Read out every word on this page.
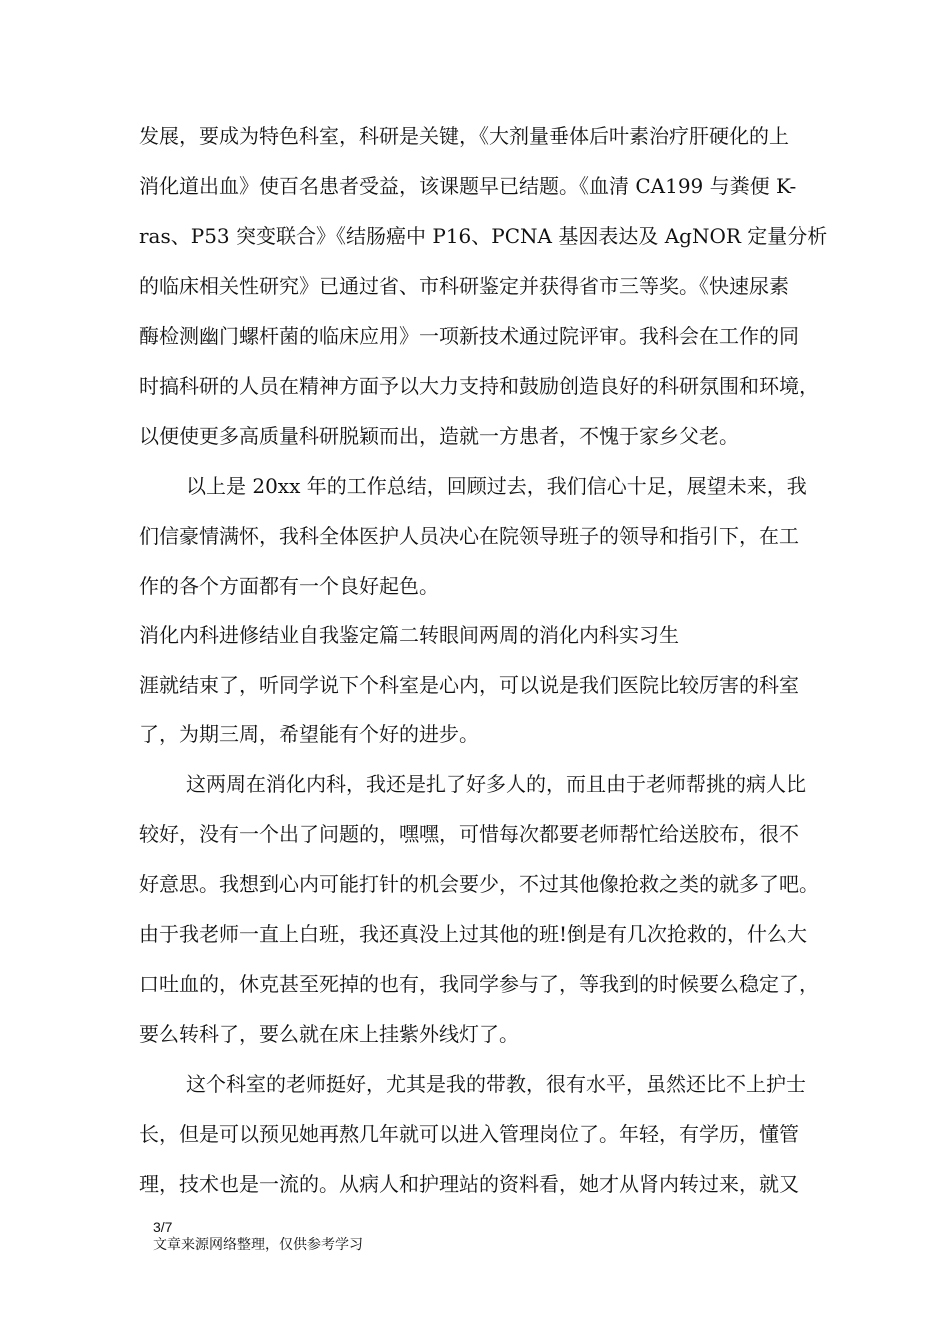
发展，要成为特色科室，科研是关键，《大剂量垂体后叶素治疗肝硬化的上
消化道出血》使百名患者受益，该课题早已结题。《血清 CA199 与粪便 K-
ras、P53 突变联合》《结肠癌中 P16、PCNA 基因表达及 AgNOR 定量分析
的临床相关性研究》已通过省、市科研鉴定并获得省市三等奖。《快速尿素
酶检测幽门螺杆菌的临床应用》一项新技术通过院评审。我科会在工作的同
时搞科研的人员在精神方面予以大力支持和鼓励创造良好的科研氛围和环境，
以便使更多高质量科研脱颖而出，造就一方患者，不愧于家乡父老。
以上是 20xx 年的工作总结，回顾过去，我们信心十足，展望未来，我
们信豪情满怀，我科全体医护人员决心在院领导班子的领导和指引下，在工
作的各个方面都有一个良好起色。
消化内科进修结业自我鉴定篇二转眼间两周的消化内科实习生
涯就结束了，听同学说下个科室是心内，可以说是我们医院比较厉害的科室
了，为期三周，希望能有个好的进步。
这两周在消化内科，我还是扎了好多人的，而且由于老师帮挑的病人比
较好，没有一个出了问题的，嘿嘿，可惜每次都要老师帮忙给送胶布，很不
好意思。我想到心内可能打针的机会要少，不过其他像抢救之类的就多了吧。
由于我老师一直上白班，我还真没上过其他的班!倒是有几次抢救的，什么大
口吐血的，休克甚至死掉的也有，我同学参与了，等我到的时候要么稳定了，
要么转科了，要么就在床上挂紫外线灯了。
这个科室的老师挺好，尤其是我的带教，很有水平，虽然还比不上护士
长，但是可以预见她再熬几年就可以进入管理岗位了。年轻，有学历，懂管
理，技术也是一流的。从病人和护理站的资料看，她才从肾内转过来，就又
3/7
文章来源网络整理，仅供参考学习
